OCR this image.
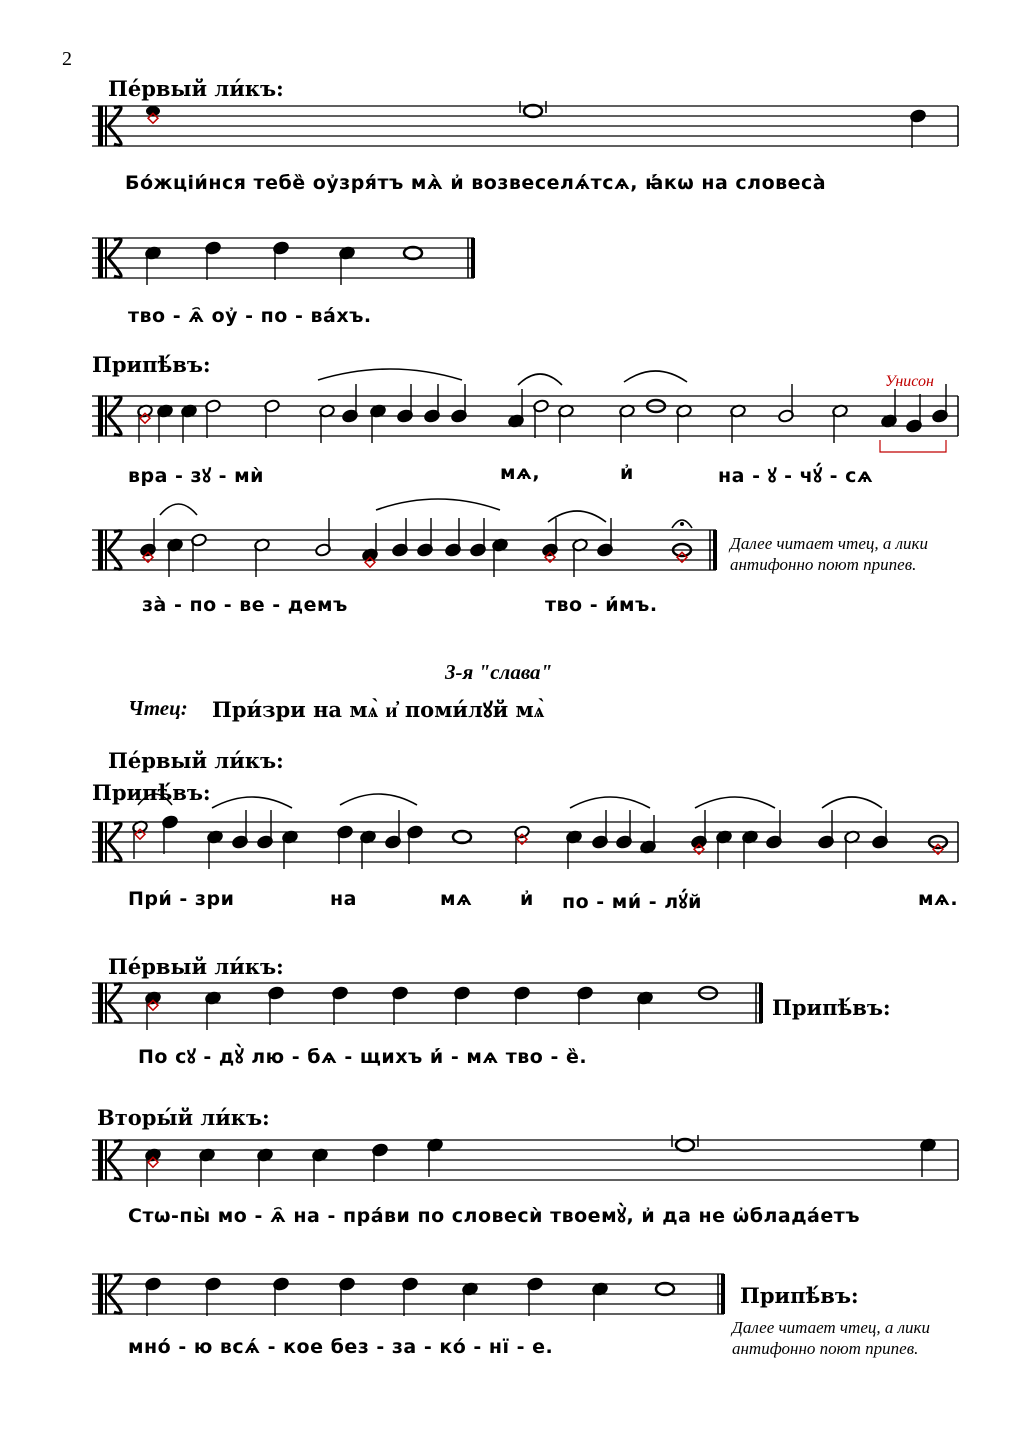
2
Пе́рвый ли́къ:
Припѣ́въ:
Пе́рвый ли́къ:
Припѣ́въ:
Пе́рвый ли́къ:
Вторы́й ли́къ:
3-я "слава"
Чтец: При́зри на мѧ̀ и҆ поми́лꙋй мѧ̀
Унисон
Далее читает чтец, а лики
антифонно поют припев.
Далее читает чтец, а лики
антифонно поют припев.
Припѣ́въ:
Припѣ́въ:
Бо́жціи́нся тебе̏ оу҆зря́тъ мѧ̀ и҆ возвеселѧ́тсѧ, ꙗ҆́кѡ на словеса̀
тво - ѧ҄ оу҆ - по - ва́хъ.
вра - зꙋ - мѝ	мѧ,	и҆	на - ꙋ - чꙋ́ - сѧ
за̀ - по - ве - демъ	тво - и҆́мъ.
При́ - зри	на	мѧ	и҆ по - ми́ - лꙋ́й	мѧ.
По сꙋ - дꙋ̀ лю - бѧ - щихъ и҆́ - мѧ тво - е̏.
Стѡ-пы̀ мо - ѧ҄ на - пра́ви по словесѝ твоемꙋ̀, и҆ да не ѡ҆блада́етъ
мно́ - ю всѧ́ - кое без - за - ко́ - нї - е.
